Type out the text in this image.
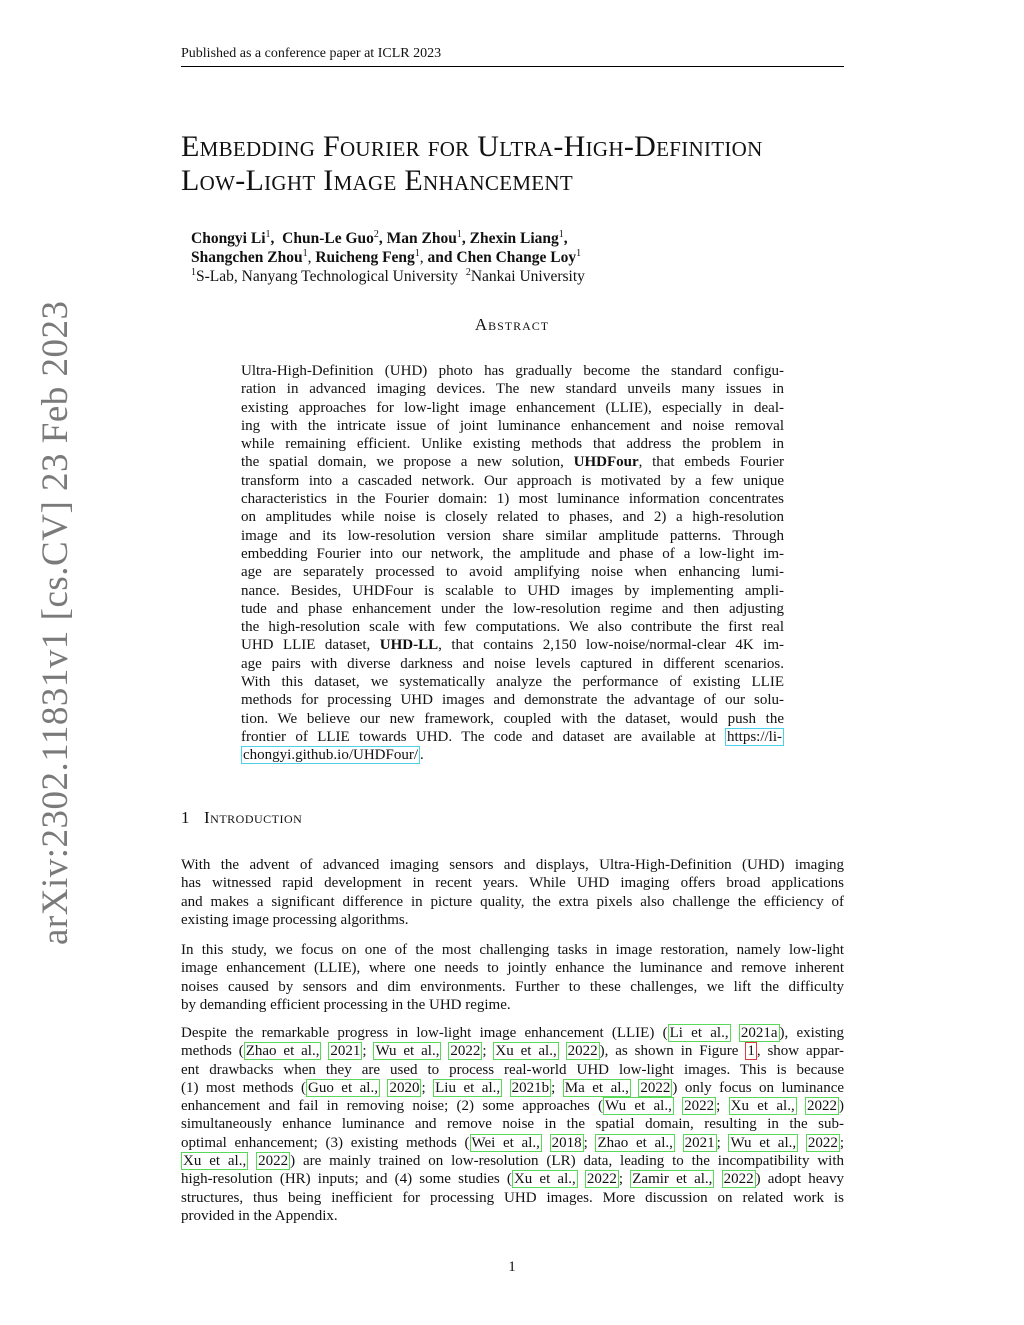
Published as a conference paper at ICLR 2023
Embedding Fourier for Ultra-High-Definition
Low-Light Image Enhancement
Chongyi Li$^1$,  Chun-Le Guo$^2$, Man Zhou$^1$, Zhexin Liang$^1$,
Shangchen Zhou$^1$, Ruicheng Feng$^1$, and Chen Change Loy$^1$
$^1$S-Lab, Nanyang Technological University $^2$Nankai University
Abstract
Ultra-High-Definition (UHD) photo has gradually become the standard configu-
ration in advanced imaging devices. The new standard unveils many issues in
existing approaches for low-light image enhancement (LLIE), especially in deal-
ing with the intricate issue of joint luminance enhancement and noise removal
while remaining efficient. Unlike existing methods that address the problem in
the spatial domain, we propose a new solution, UHDFour, that embeds Fourier
transform into a cascaded network. Our approach is motivated by a few unique
characteristics in the Fourier domain: 1) most luminance information concentrates
on amplitudes while noise is closely related to phases, and 2) a high-resolution
image and its low-resolution version share similar amplitude patterns. Through
embedding Fourier into our network, the amplitude and phase of a low-light im-
age are separately processed to avoid amplifying noise when enhancing lumi-
nance. Besides, UHDFour is scalable to UHD images by implementing ampli-
tude and phase enhancement under the low-resolution regime and then adjusting
the high-resolution scale with few computations. We also contribute the first real
UHD LLIE dataset, UHD-LL, that contains 2,150 low-noise/normal-clear 4K im-
age pairs with diverse darkness and noise levels captured in different scenarios.
With this dataset, we systematically analyze the performance of existing LLIE
methods for processing UHD images and demonstrate the advantage of our solu-
tion. We believe our new framework, coupled with the dataset, would push the
frontier of LLIE towards UHD. The code and dataset are available at https://li-
chongyi.github.io/UHDFour/ .
1 Introduction
With the advent of advanced imaging sensors and displays, Ultra-High-Definition (UHD) imaging
has witnessed rapid development in recent years. While UHD imaging offers broad applications
and makes a significant difference in picture quality, the extra pixels also challenge the efficiency of
existing image processing algorithms.
In this study, we focus on one of the most challenging tasks in image restoration, namely low-light
image enhancement (LLIE), where one needs to jointly enhance the luminance and remove inherent
noises caused by sensors and dim environments. Further to these challenges, we lift the difficulty
by demanding efficient processing in the UHD regime.
Despite the remarkable progress in low-light image enhancement (LLIE) ( Li et al., 2021a ), existing
methods ( Zhao et al., 2021 ; Wu et al., 2022 ; Xu et al., 2022 ), as shown in Figure 1 , show appar-
ent drawbacks when they are used to process real-world UHD low-light images. This is because
(1) most methods ( Guo et al., 2020 ; Liu et al., 2021b ; Ma et al., 2022 ) only focus on luminance
enhancement and fail in removing noise; (2) some approaches ( Wu et al., 2022 ; Xu et al., 2022 )
simultaneously enhance luminance and remove noise in the spatial domain, resulting in the sub-
optimal enhancement; (3) existing methods ( Wei et al., 2018 ; Zhao et al., 2021 ; Wu et al., 2022 ;
Xu et al., 2022 ) are mainly trained on low-resolution (LR) data, leading to the incompatibility with
high-resolution (HR) inputs; and (4) some studies ( Xu et al., 2022 ; Zamir et al., 2022 ) adopt heavy
structures, thus being inefficient for processing UHD images. More discussion on related work is
provided in the Appendix.
arXiv:2302.11831v1 [cs.CV] 23 Feb 2023
1
